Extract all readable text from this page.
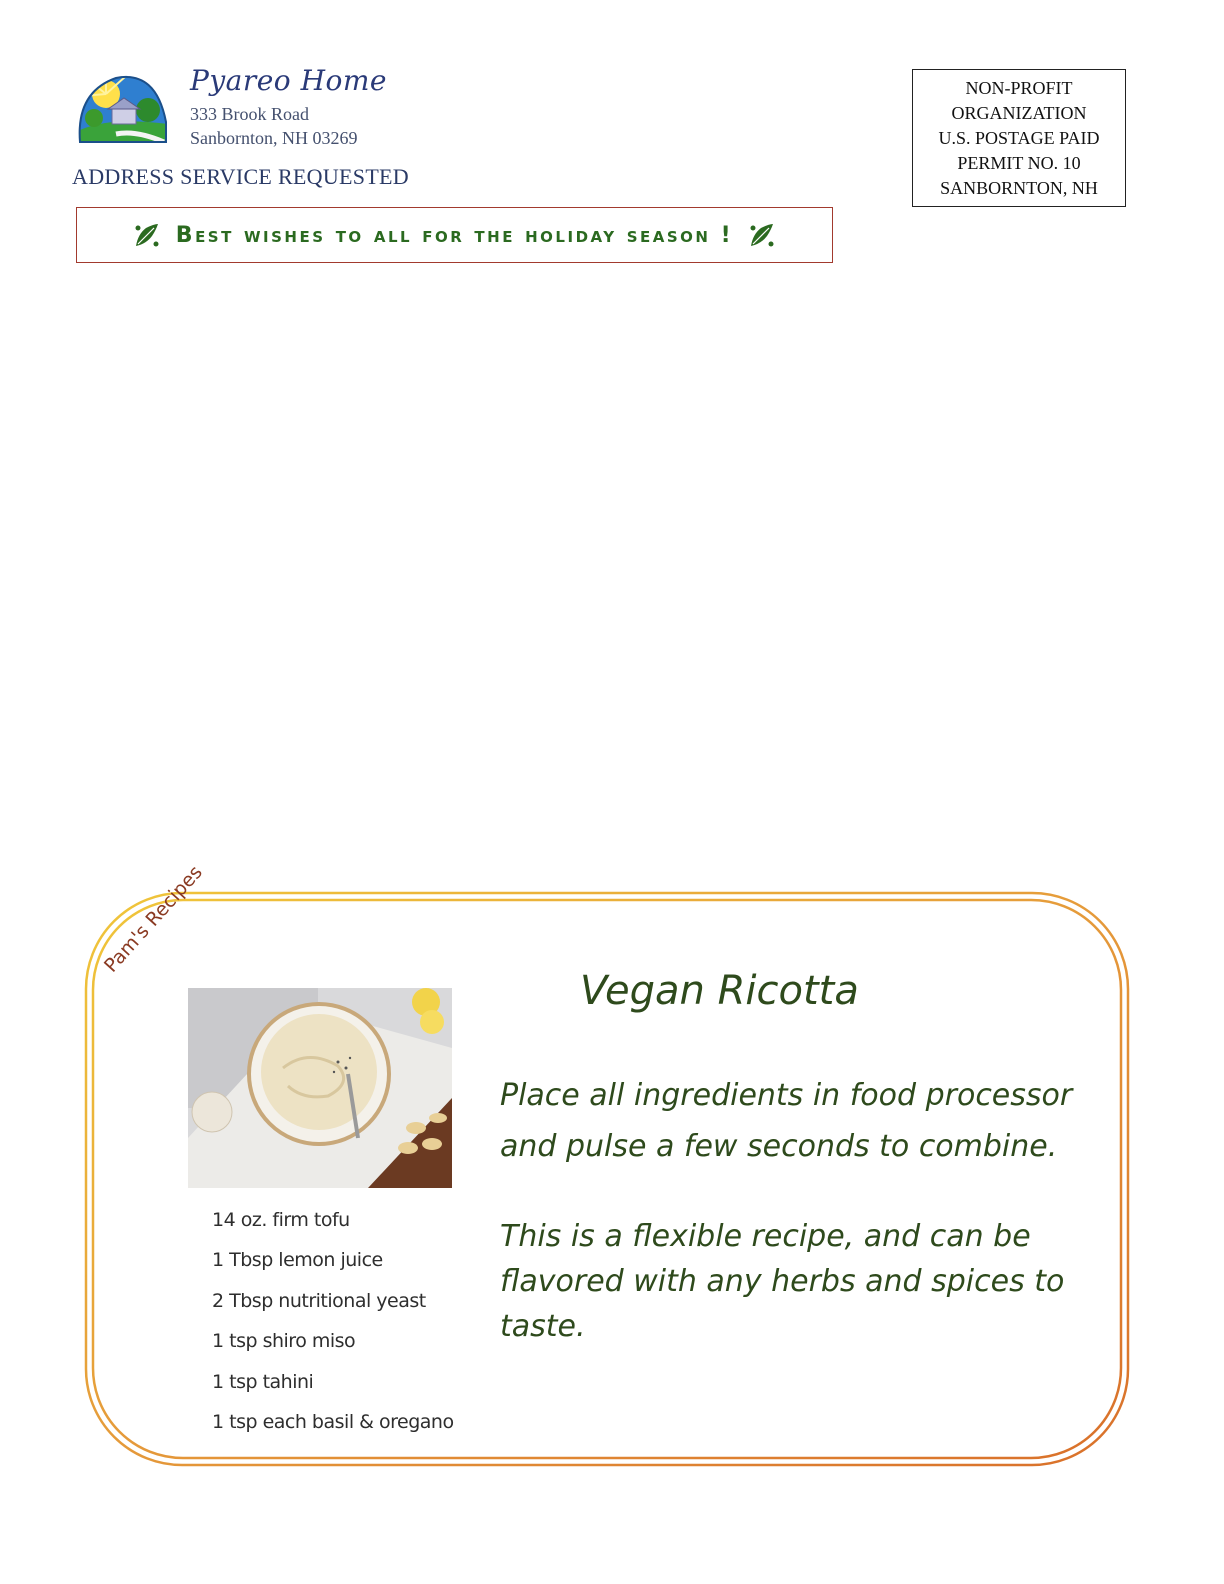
Pyareo Home
333 Brook Road
Sanbornton, NH 03269
ADDRESS SERVICE REQUESTED
NON-PROFIT
ORGANIZATION
U.S. POSTAGE PAID
PERMIT NO. 10
SANBORNTON, NH
Best wishes to all for the holiday season !
Pam's Recipes
14 oz. firm tofu
1 Tbsp lemon juice
2 Tbsp nutritional yeast
1 tsp shiro miso
1 tsp tahini
1 tsp each basil & oregano
Vegan Ricotta
Place all ingredients in food processor and pulse a few seconds to combine.
This is a flexible recipe, and can be flavored with any herbs and spices to taste.
